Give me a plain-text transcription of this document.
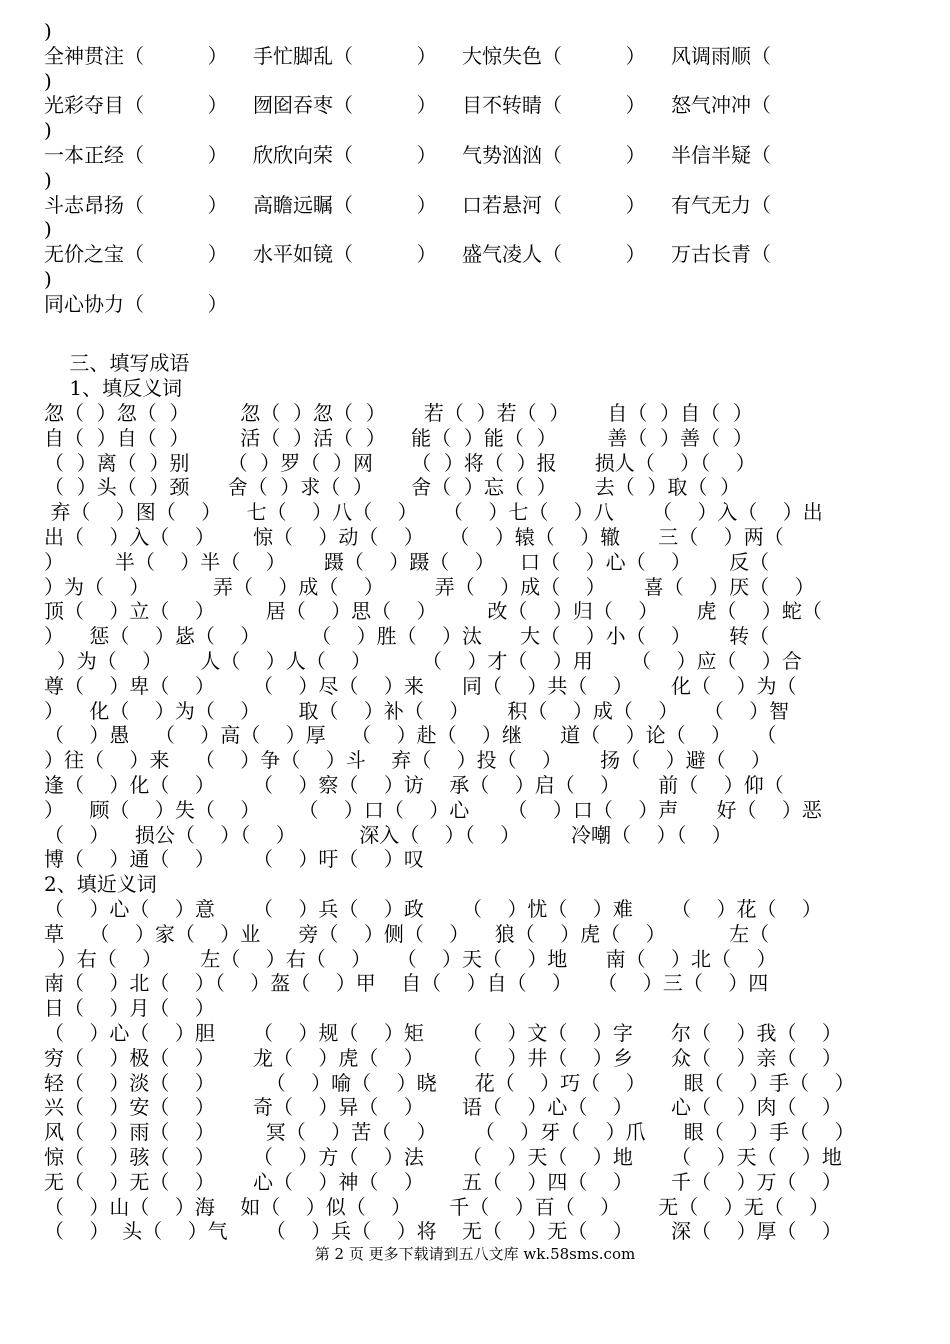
)
全神贯注（          ）    手忙脚乱（          ）    大惊失色（          ）    风调雨顺（
)
光彩夺目（          ）    囫囵吞枣（          ）    目不转睛（          ）    怒气冲冲（
)
一本正经（          ）    欣欣向荣（          ）    气势汹汹（          ）    半信半疑（
)
斗志昂扬（          ）    高瞻远瞩（          ）    口若悬河（          ）    有气无力（
)
无价之宝（          ）    水平如镜（          ）    盛气凌人（          ）    万古长青（
)
同心协力（          ）
三、填写成语
1、填反义词
忽（  ）忽（  ）        忽（  ）忽（  ）      若（  ）若（  ）      自（  ）自（  ）
自（  ）自（  ）        活（  ）活（  ）    能（  ）能（  ）        善（  ）善（  ）
（  ）离（  ）别      （  ）罗（  ）网      （  ）将（  ）报      损人（    ）（    ）
（  ）头（  ）颈      舍（  ）求（  ）      舍（  ）忘（  ）      去（  ）取（  ）
弃（    ）图（    ）    七（    ）八（    ）    （    ）七（    ）八      （    ）入（    ）出
出（    ）入（    ）      惊（    ）动（    ）    （    ）辕（    ）辙      三（    ）两（
）        半（    ）半（    ）      蹑（    ）蹑（    ）    口（    ）心（    ）      反（
）为（    ）          弄（    ）成（    ）        弄（    ）成（    ）      喜（    ）厌（    ）
顶（    ）立（    ）        居（    ）思（    ）        改（    ）归（    ）      虎（    ）蛇（
）    惩（    ）毖（    ）        （    ）胜（    ）汰      大（    ）小（    ）      转（
）为（    ）      人（    ）人（    ）        （    ）才（    ）用      （    ）应（    ）合
尊（    ）卑（    ）      （    ）尽（    ）来      同（    ）共（    ）      化（    ）为（
）    化（    ）为（    ）      取（    ）补（    ）      积（    ）成（    ）    （    ）智
（    ）愚    （    ）高（    ）厚    （    ）赴（    ）继      道（    ）论（    ）    （
）往（    ）来    （    ）争（    ）斗    弃（    ）投（    ）      扬（    ）避（    ）
逢（    ）化（    ）      （    ）察（    ）访    承（    ）启（    ）      前（    ）仰（
）    顾（    ）失（    ）      （    ）口（    ）心      （    ）口（    ）声      好（    ）恶
（    ）    损公（    ）（    ）          深入（    ）（    ）        冷嘲（    ）（    ）
博（    ）通（    ）      （    ）吁（    ）叹
2、填近义词
（    ）心（    ）意      （    ）兵（    ）政      （    ）忧（    ）难      （    ）花（    ）
草    （    ）家（    ）业      旁（    ）侧（    ）    狼（    ）虎（    ）          左（
）右（    ）      左（    ）右（    ）    （    ）天（    ）地      南（    ）北（    ）
南（    ）北（    ）（    ）盔（    ）甲    自（    ）自（    ）    （    ）三（    ）四
日（    ）月（    ）
（    ）心（    ）胆      （    ）规（    ）矩      （    ）文（    ）字      尔（    ）我（    ）
穷（    ）极（    ）      龙（    ）虎（    ）      （    ）井（    ）乡      众（    ）亲（    ）
轻（    ）淡（    ）        （    ）喻（    ）晓      花（    ）巧（    ）      眼（    ）手（    ）
兴（    ）安（    ）      奇（    ）异（    ）      语（    ）心（    ）      心（    ）肉（    ）
风（    ）雨（    ）        冥（    ）苦（    ）      （    ）牙（    ）爪      眼（    ）手（    ）
惊（    ）骇（    ）      （    ）方（    ）法      （    ）天（    ）地      （    ）天（    ）地
无（    ）无（    ）      心（    ）神（    ）      五（    ）四（    ）      千（    ）万（    ）
（    ）山（    ）海    如（    ）似（    ）      千（    ）百（    ）      无（    ）无（    ）
（    ）  头（    ）气      （    ）兵（    ）将    无（    ）无（    ）      深（    ）厚（    ）
第 2 页 更多下载请到五八文库 wk.58sms.com
